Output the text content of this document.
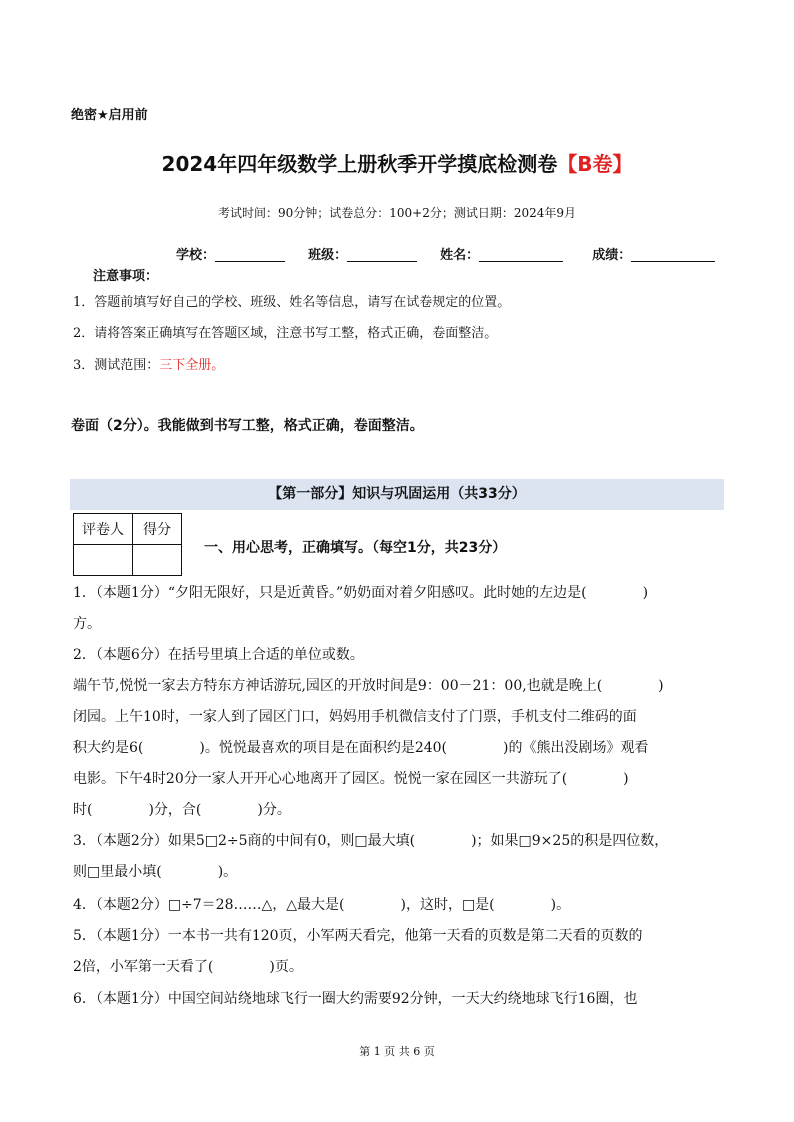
绝密★启用前
2024年四年级数学上册秋季开学摸底检测卷【B卷】
考试时间：90分钟；试卷总分：100+2分；测试日期：2024年9月
学校：	班级：	姓名：	成绩：
注意事项：
1．答题前填写好自己的学校、班级、姓名等信息，请写在试卷规定的位置。
2．请将答案正确填写在答题区域，注意书写工整，格式正确，卷面整洁。
3．测试范围：三下全册。
卷面（2分）。我能做到书写工整，格式正确，卷面整洁。
【第一部分】知识与巩固运用（共33分）
评卷人	得分

一、用心思考，正确填写。（每空1分，共23分）
1．（本题1分）“夕阳无限好，只是近黄昏。”奶奶面对着夕阳感叹。此时她的左边是(　　　　)
方。
2．（本题6分）在括号里填上合适的单位或数。
端午节,悦悦一家去方特东方神话游玩,园区的开放时间是9：00－21：00,也就是晚上(　　　　)
闭园。上午10时，一家人到了园区门口，妈妈用手机微信支付了门票，手机支付二维码的面
积大约是6(　　　　)。悦悦最喜欢的项目是在面积约是240(　　　　)的《熊出没剧场》观看
电影。下午4时20分一家人开开心心地离开了园区。悦悦一家在园区一共游玩了(　　　　)
时(　　　　)分，合(　　　　)分。
3．（本题2分）如果5□2÷5商的中间有0，则□最大填(　　　　)；如果□9×25的积是四位数，
则□里最小填(　　　　)。
4．（本题2分）□÷7＝28……△，△最大是(　　　　)，这时，□是(　　　　)。
5．（本题1分）一本书一共有120页，小军两天看完，他第一天看的页数是第二天看的页数的
2倍，小军第一天看了(　　　　)页。
6．（本题1分）中国空间站绕地球飞行一圈大约需要92分钟，一天大约绕地球飞行16圈，也
第 1 页 共 6 页
